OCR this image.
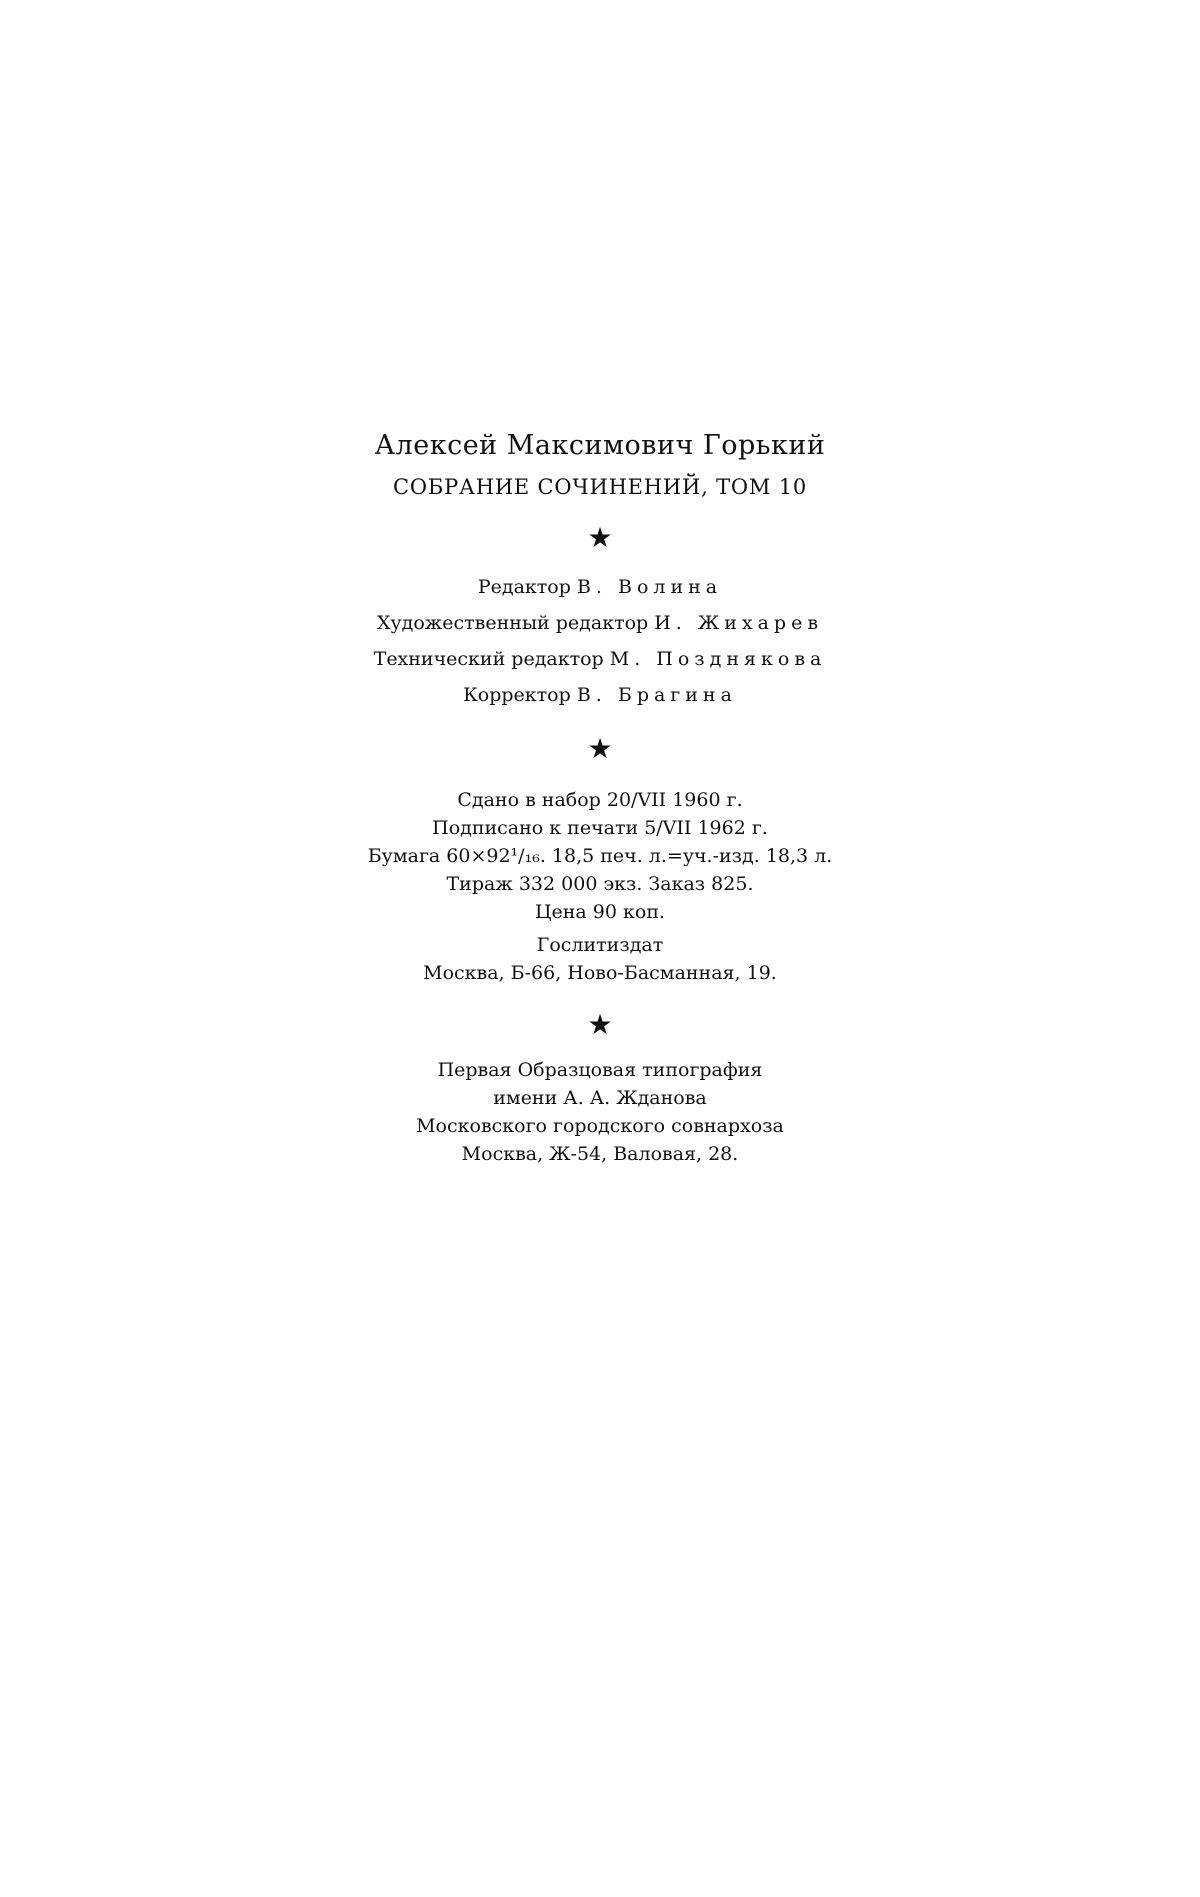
Алексей Максимович Горький
СОБРАНИЕ СОЧИНЕНИЙ, ТОМ 10
★
Редактор В. Волина
Художественный редактор И. Жихарев
Технический редактор М. Позднякова
Корректор В. Брагина
★
Сдано в набор 20/VII 1960 г.
Подписано к печати 5/VII 1962 г.
Бумага 60×92¹/₁₆. 18,5 печ. л.=уч.-изд. 18,3 л.
Тираж 332 000 экз. Заказ 825.
Цена 90 коп.
Гослитиздат
Москва, Б-66, Ново-Басманная, 19.
★
Первая Образцовая типография
имени А. А. Жданова
Московского городского совнархоза
Москва, Ж-54, Валовая, 28.
